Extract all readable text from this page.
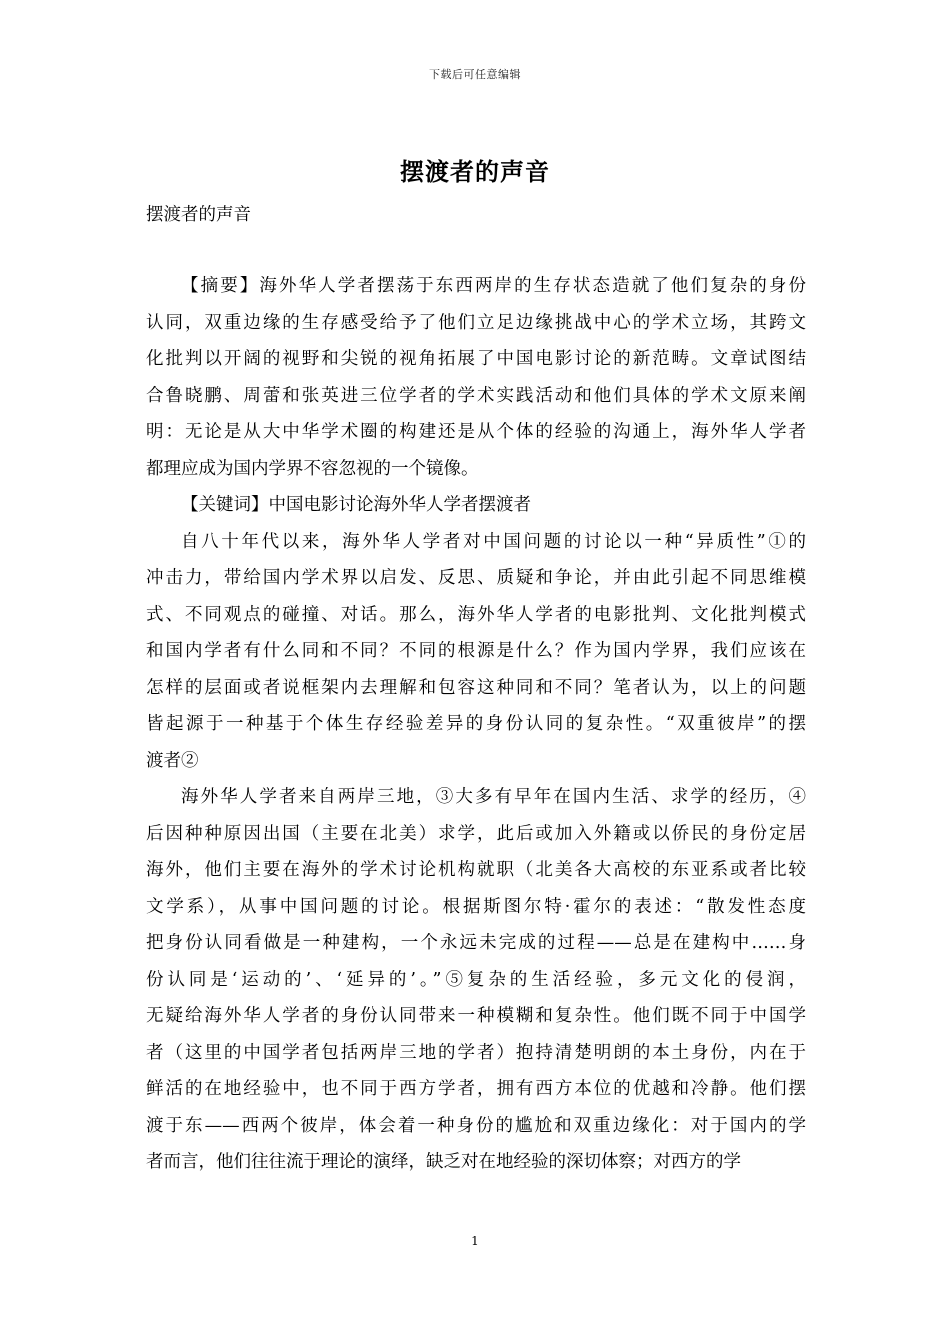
下载后可任意编辑
摆渡者的声音
摆渡者的声音

【摘要】海外华人学者摆荡于东西两岸的生存状态造就了他们复杂的身份
认同，双重边缘的生存感受给予了他们立足边缘挑战中心的学术立场，其跨文
化批判以开阔的视野和尖锐的视角拓展了中国电影讨论的新范畴。文章试图结
合鲁晓鹏、周蕾和张英进三位学者的学术实践活动和他们具体的学术文原来阐
明：无论是从大中华学术圈的构建还是从个体的经验的沟通上，海外华人学者
都理应成为国内学界不容忽视的一个镜像。

【关键词】中国电影讨论海外华人学者摆渡者

自八十年代以来，海外华人学者对中国问题的讨论以一种“异质性”①的
冲击力，带给国内学术界以启发、反思、质疑和争论，并由此引起不同思维模
式、不同观点的碰撞、对话。那么，海外华人学者的电影批判、文化批判模式
和国内学者有什么同和不同？不同的根源是什么？作为国内学界，我们应该在
怎样的层面或者说框架内去理解和包容这种同和不同？笔者认为，以上的问题
皆起源于一种基于个体生存经验差异的身份认同的复杂性。“双重彼岸”的摆
渡者②

海外华人学者来自两岸三地，③大多有早年在国内生活、求学的经历，④
后因种种原因出国（主要在北美）求学，此后或加入外籍或以侨民的身份定居
海外，他们主要在海外的学术讨论机构就职（北美各大高校的东亚系或者比较
文学系），从事中国问题的讨论。根据斯图尔特·霍尔的表述：“散发性态度
把身份认同看做是一种建构，一个永远未完成的过程——总是在建构中……身
份认同是‘运动的’、‘延异的’。”⑤复杂的生活经验，多元文化的侵润，
无疑给海外华人学者的身份认同带来一种模糊和复杂性。他们既不同于中国学
者（这里的中国学者包括两岸三地的学者）抱持清楚明朗的本土身份，内在于
鲜活的在地经验中，也不同于西方学者，拥有西方本位的优越和冷静。他们摆
渡于东——西两个彼岸，体会着一种身份的尴尬和双重边缘化：对于国内的学
者而言，他们往往流于理论的演绎，缺乏对在地经验的深切体察；对西方的学

1
